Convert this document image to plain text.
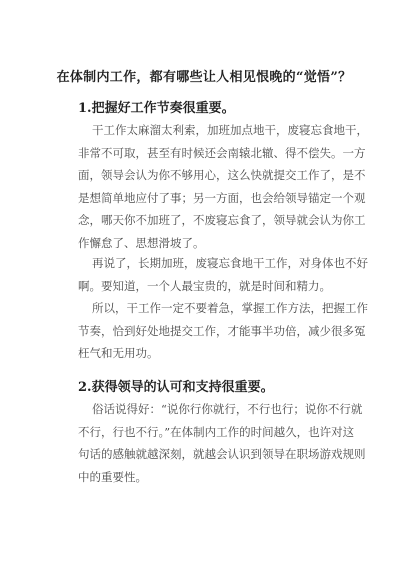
在体制内工作，都有哪些让人相见恨晚的“觉悟”？
1.把握好工作节奏很重要。
干工作太麻溜太利索，加班加点地干，废寝忘食地干，
非常不可取，甚至有时候还会南辕北辙、得不偿失。一方
面，领导会认为你不够用心，这么快就提交工作了，是不
是想简单地应付了事；另一方面，也会给领导锚定一个观
念，哪天你不加班了，不废寝忘食了，领导就会认为你工
作懈怠了、思想滑坡了。
再说了，长期加班，废寝忘食地干工作，对身体也不好
啊。要知道，一个人最宝贵的，就是时间和精力。
所以，干工作一定不要着急，掌握工作方法，把握工作
节奏，恰到好处地提交工作，才能事半功倍，减少很多冤
枉气和无用功。
2.获得领导的认可和支持很重要。
俗话说得好：“说你行你就行，不行也行；说你不行就
不行，行也不行。”在体制内工作的时间越久，也许对这
句话的感触就越深刻，就越会认识到领导在职场游戏规则
中的重要性。
